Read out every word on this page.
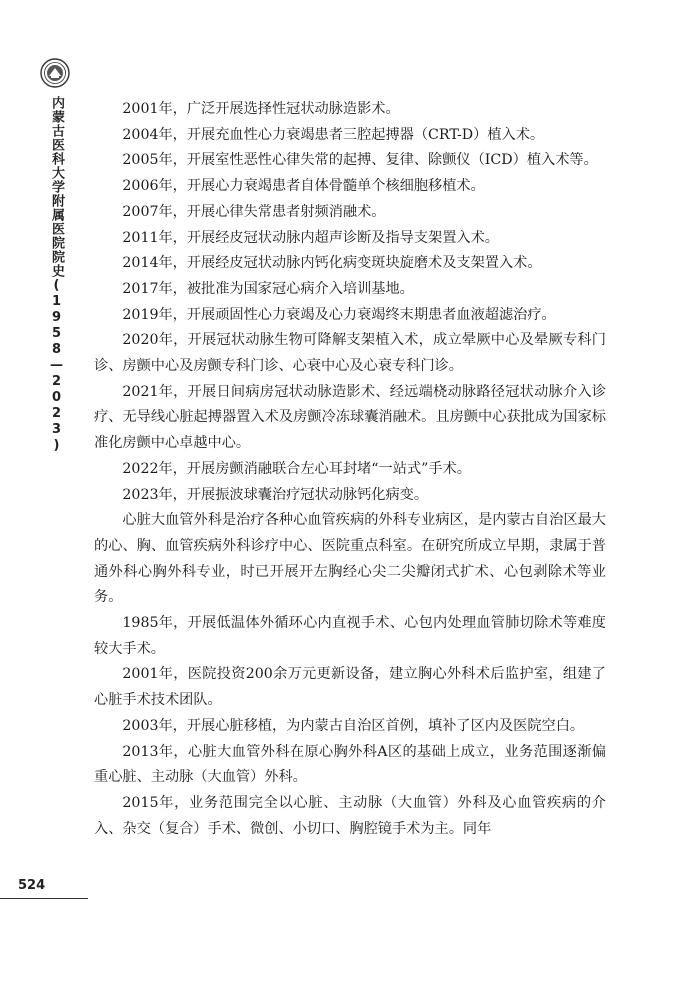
内蒙古医科大学附属医院院史(1958—2023)
524

2001年，广泛开展选择性冠状动脉造影术。

2004年，开展充血性心力衰竭患者三腔起搏器（CRT-D）植入术。

2005年，开展室性恶性心律失常的起搏、复律、除颤仪（ICD）植入术等。

2006年，开展心力衰竭患者自体骨髓单个核细胞移植术。

2007年，开展心律失常患者射频消融术。

2011年，开展经皮冠状动脉内超声诊断及指导支架置入术。

2014年，开展经皮冠状动脉内钙化病变斑块旋磨术及支架置入术。

2017年，被批准为国家冠心病介入培训基地。

2019年，开展顽固性心力衰竭及心力衰竭终末期患者血液超滤治疗。

2020年，开展冠状动脉生物可降解支架植入术，成立晕厥中心及晕厥专科门诊、房颤中心及房颤专科门诊、心衰中心及心衰专科门诊。

2021年，开展日间病房冠状动脉造影术、经远端桡动脉路径冠状动脉介入诊疗、无导线心脏起搏器置入术及房颤冷冻球囊消融术。且房颤中心获批成为国家标准化房颤中心卓越中心。

2022年，开展房颤消融联合左心耳封堵“一站式”手术。

2023年，开展振波球囊治疗冠状动脉钙化病变。

心脏大血管外科是治疗各种心血管疾病的外科专业病区，是内蒙古自治区最大的心、胸、血管疾病外科诊疗中心、医院重点科室。在研究所成立早期，隶属于普通外科心胸外科专业，时已开展开左胸经心尖二尖瓣闭式扩术、心包剥除术等业务。

1985年，开展低温体外循环心内直视手术、心包内处理血管肺切除术等难度较大手术。

2001年，医院投资200余万元更新设备，建立胸心外科术后监护室，组建了心脏手术技术团队。

2003年，开展心脏移植，为内蒙古自治区首例，填补了区内及医院空白。

2013年，心脏大血管外科在原心胸外科A区的基础上成立，业务范围逐渐偏重心脏、主动脉（大血管）外科。

2015年，业务范围完全以心脏、主动脉（大血管）外科及心血管疾病的介入、杂交（复合）手术、微创、小切口、胸腔镜手术为主。同年
